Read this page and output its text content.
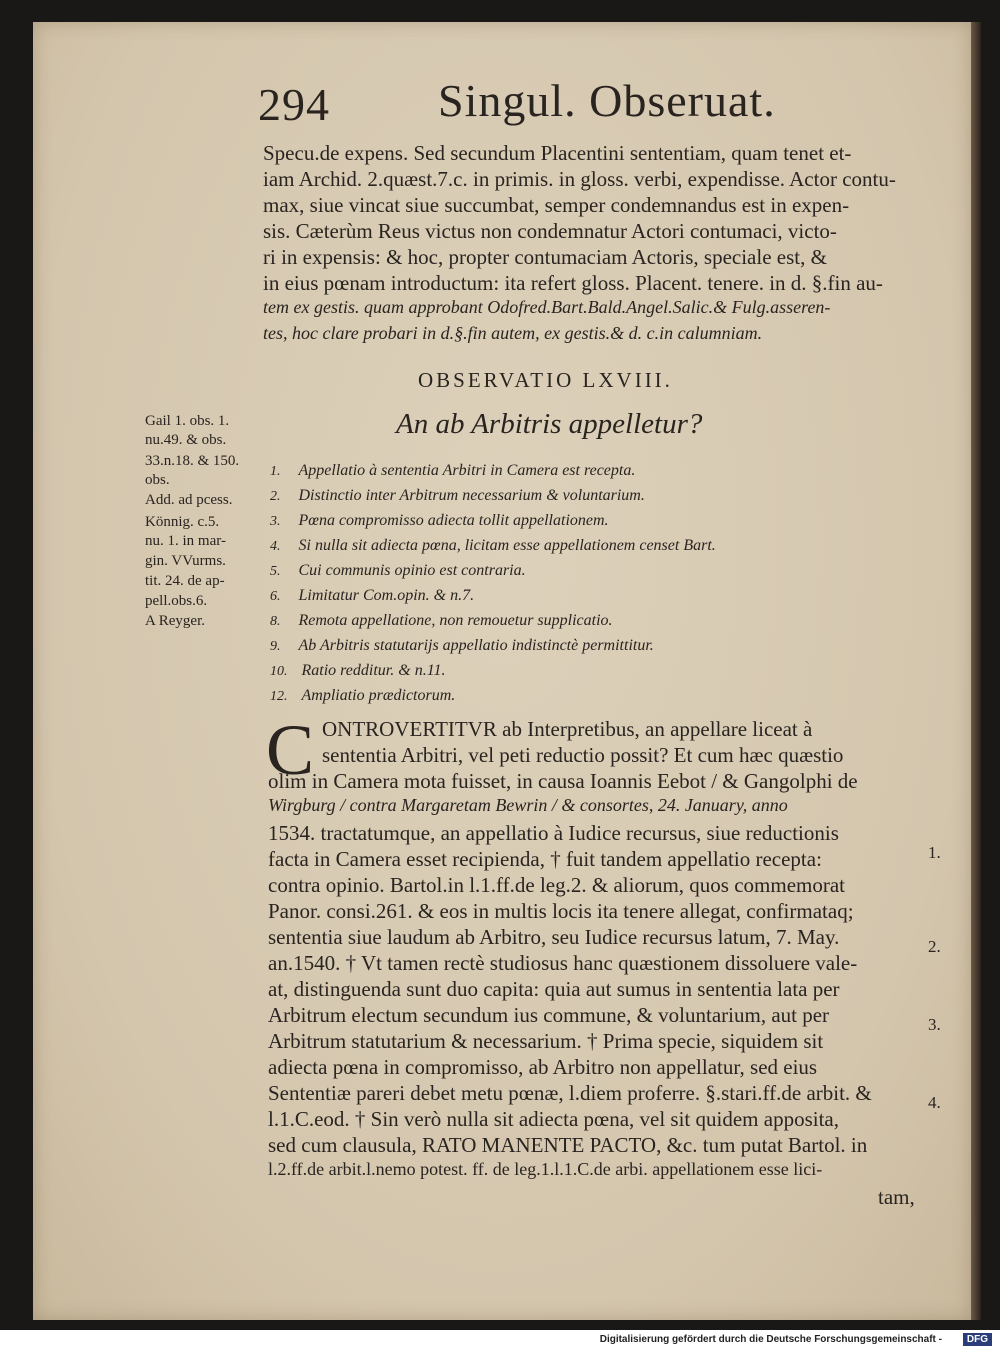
294 Singul. Obseruat.
Specu.de expens. Sed secundum Placentini sententiam, quam tenet et-
iam Archid. 2.quæst.7.c. in primis. in gloss. verbi, expendisse. Actor contu-
max, siue vincat siue succumbat, semper condemnandus est in expen-
sis. Cæterùm Reus victus non condemnatur Actori contumaci, victo-
ri in expensis: & hoc, propter contumaciam Actoris, speciale est, &
in eius pœnam introductum: ita refert gloss. Placent. tenere. in d. §.fin au-
tem ex gestis. quam approbant Odofred.Bart.Bald.Angel.Salic.& Fulg.asseren-
tes, hoc clare probari in d.§.fin autem, ex gestis.& d. c.in calumniam.
OBSERVATIO LXVIII.
An ab Arbitris appelletur?
Gail 1. obs. 1.
nu.49. & obs.
33.n.18. & 150.
obs.
Add. ad pcess.
Könnig. c.5.
nu. 1. in mar-
gin. VVurms.
tit. 24. de ap-
pell.obs.6.
A Reyger.
1. Appellatio à sententia Arbitri in Camera est recepta.
2. Distinctio inter Arbitrum necessarium & voluntarium.
3. Pœna compromisso adiecta tollit appellationem.
4. Si nulla sit adiecta pœna, licitam esse appellationem censet Bart.
5. Cui communis opinio est contraria.
6. Limitatur Com.opin. & n.7.
8. Remota appellatione, non remouetur supplicatio.
9. Ab Arbitris statutarijs appellatio indistinctè permittitur.
10. Ratio redditur. & n.11.
12. Ampliatio prædictorum.
C ONTROVERTITVR ab Interpretibus, an appellare liceat à
sententia Arbitri, vel peti reductio possit? Et cum hæc quæstio
olim in Camera mota fuisset, in causa Ioannis Eebot / & Gangolphi de
Wirgburg / contra Margaretam Bewrin / & consortes, 24. January, anno
1534. tractatumque, an appellatio à Iudice recursus, siue reductionis
facta in Camera esset recipienda, † fuit tandem appellatio recepta:
contra opinio. Bartol.in l.1.ff.de leg.2. & aliorum, quos commemorat
Panor. consi.261. & eos in multis locis ita tenere allegat, confirmataq;
sententia siue laudum ab Arbitro, seu Iudice recursus latum, 7. May.
an.1540. † Vt tamen rectè studiosus hanc quæstionem dissoluere vale-
at, distinguenda sunt duo capita: quia aut sumus in sententia lata per
Arbitrum electum secundum ius commune, & voluntarium, aut per
Arbitrum statutarium & necessarium. † Prima specie, siquidem sit
adiecta pœna in compromisso, ab Arbitro non appellatur, sed eius
Sententiæ pareri debet metu pœnæ, l.diem proferre. §.stari.ff.de arbit. &
l.1.C.eod. † Sin verò nulla sit adiecta pœna, vel sit quidem apposita,
sed cum clausula, RATO MANENTE PACTO, &c. tum putat Bartol. in
l.2.ff.de arbit.l.nemo potest. ff. de leg.1.l.1.C.de arbi. appellationem esse lici-
tam,
1.
2.
3.
4.
Digitalisierung gefördert durch die Deutsche Forschungsgemeinschaft -	DFG
